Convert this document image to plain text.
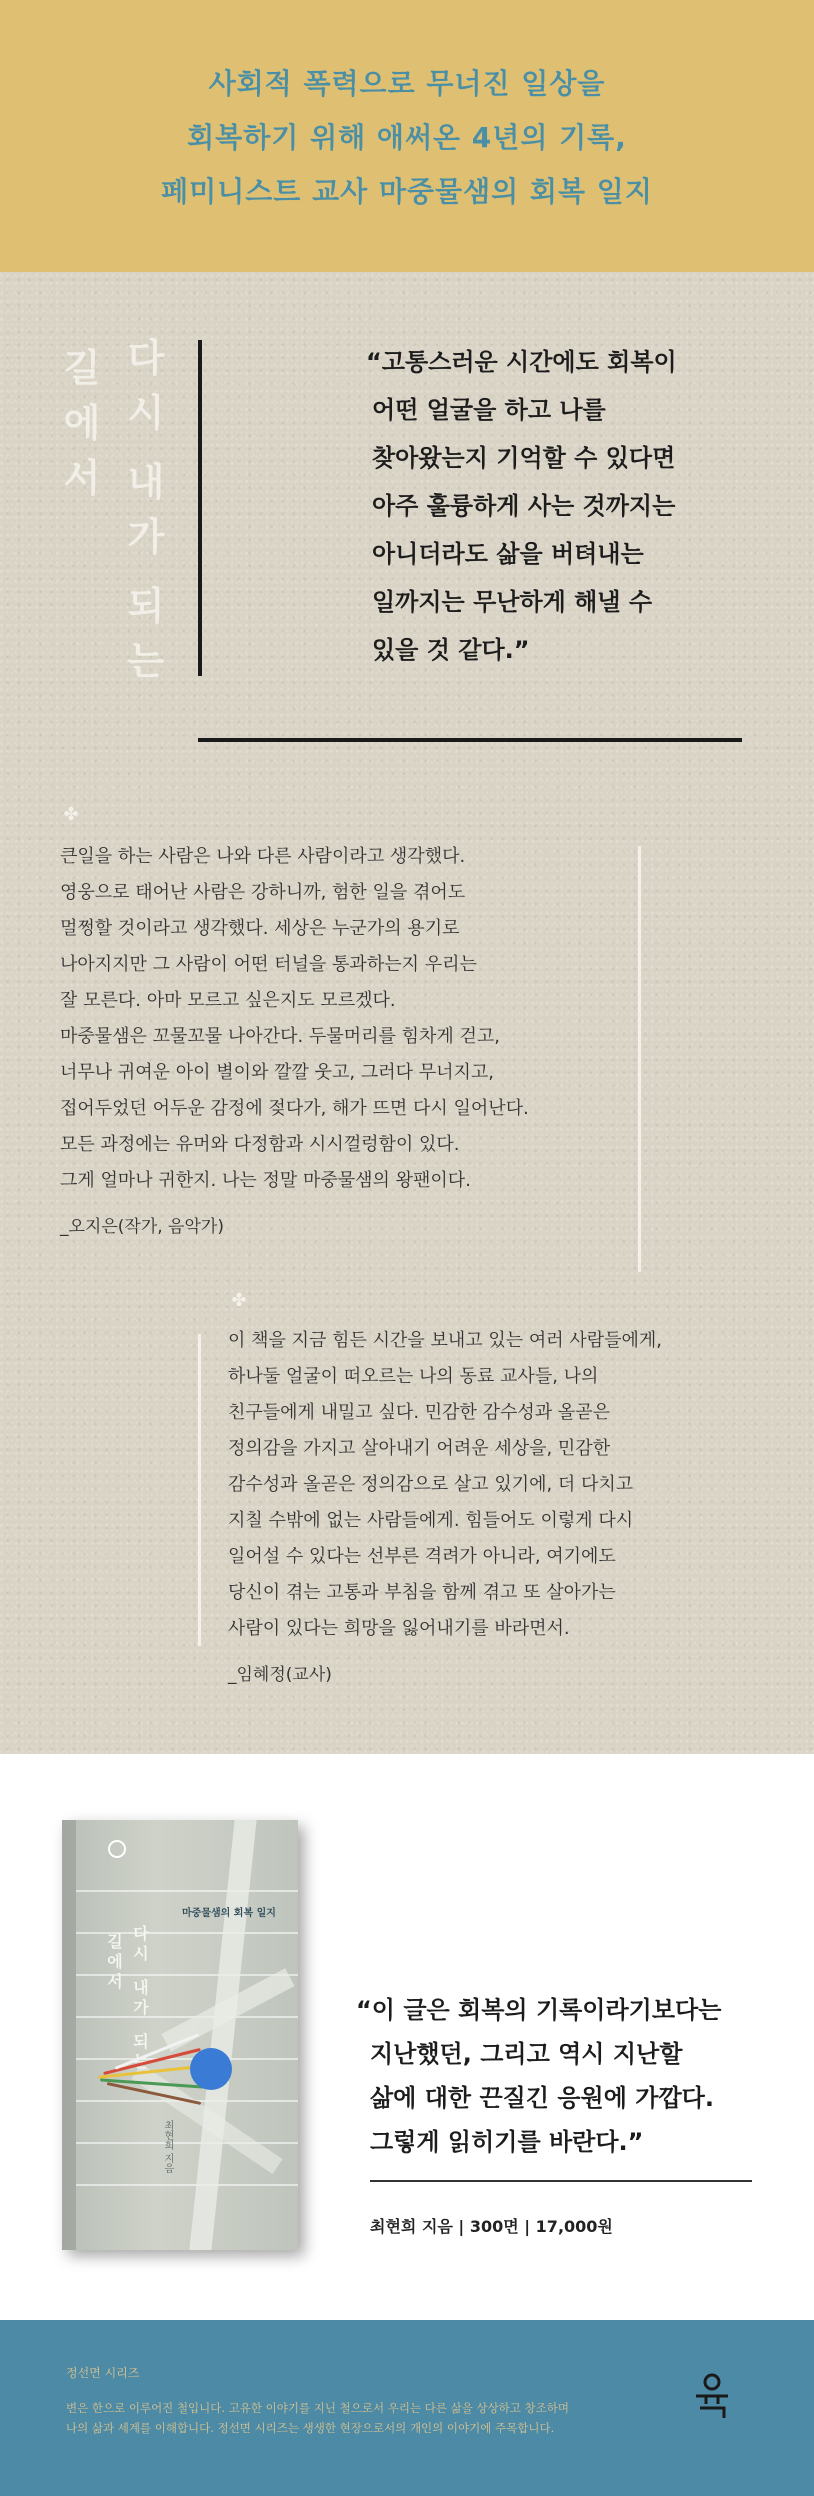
사회적 폭력으로 무너진 일상을
회복하기 위해 애써온 4년의 기록,
페미니스트 교사 마중물샘의 회복 일지
길
에
서
다
시

내
가

되
는
“고통스러운 시간에도 회복이
어떤 얼굴을 하고 나를
찾아왔는지 기억할 수 있다면
아주 훌륭하게 사는 것까지는
아니더라도 삶을 버텨내는
일까지는 무난하게 해낼 수
있을 것 같다.”
✤
큰일을 하는 사람은 나와 다른 사람이라고 생각했다.
영웅으로 태어난 사람은 강하니까, 험한 일을 겪어도
멀쩡할 것이라고 생각했다. 세상은 누군가의 용기로
나아지지만 그 사람이 어떤 터널을 통과하는지 우리는
잘 모른다. 아마 모르고 싶은지도 모르겠다.
마중물샘은 꼬물꼬물 나아간다. 두물머리를 힘차게 걷고,
너무나 귀여운 아이 별이와 깔깔 웃고, 그러다 무너지고,
접어두었던 어두운 감정에 젖다가, 해가 뜨면 다시 일어난다.
모든 과정에는 유머와 다정함과 시시껄렁함이 있다.
그게 얼마나 귀한지. 나는 정말 마중물샘의 왕팬이다.
_오지은(작가, 음악가)
✤
이 책을 지금 힘든 시간을 보내고 있는 여러 사람들에게,
하나둘 얼굴이 떠오르는 나의 동료 교사들, 나의
친구들에게 내밀고 싶다. 민감한 감수성과 올곧은
정의감을 가지고 살아내기 어려운 세상을, 민감한
감수성과 올곧은 정의감으로 살고 있기에, 더 다치고
지칠 수밖에 없는 사람들에게. 힘들어도 이렇게 다시
일어설 수 있다는 선부른 격려가 아니라, 여기에도
당신이 겪는 고통과 부침을 함께 겪고 또 살아가는
사람이 있다는 희망을 잃어내기를 바라면서.
_임혜정(교사)
마중물샘의 회복 일지
길
에
서
다
시

내
가

되
최현희 지음
“이 글은 회복의 기록이라기보다는
지난했던, 그리고 역시 지난할
삶에 대한 끈질긴 응원에 가깝다.
그렇게 읽히기를 바란다.”
최현희 지음 | 300면 | 17,000원
정선면 시리즈
변은 한으로 이루어진 철입니다. 고유한 이야기를 지닌 철으로서 우리는 다른 삶을 상상하고 창조하며
나의 삶과 세계를 이해합니다. 정선면 시리즈는 생생한 현장으로서의 개인의 이야기에 주목합니다.
